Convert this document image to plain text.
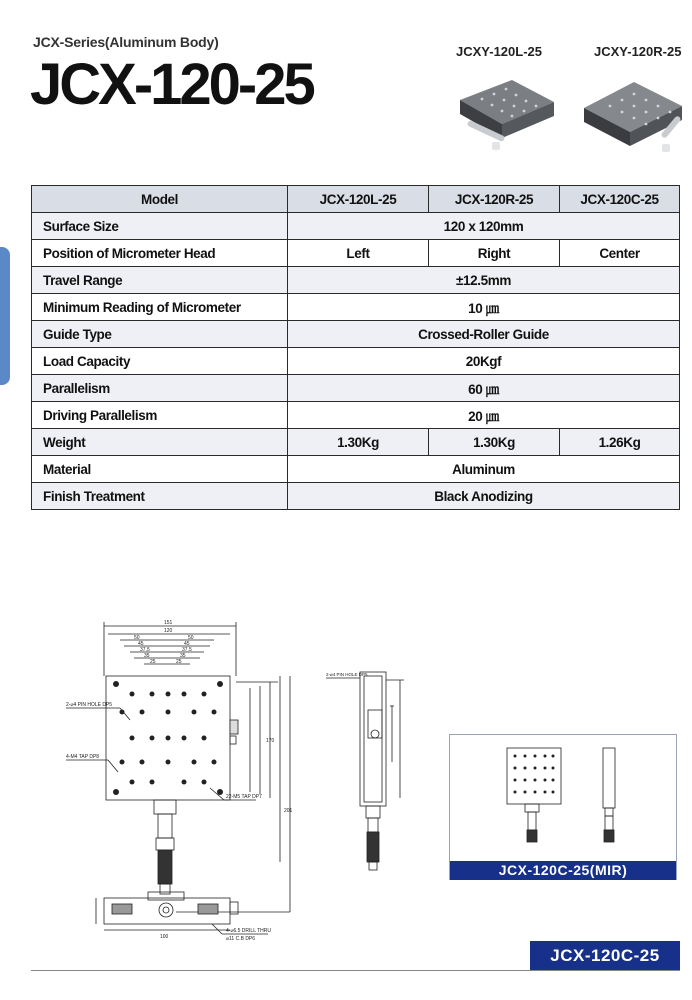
JCX-Series(Aluminum Body)
JCX-120-25
JCXY-120L-25	JCXY-120R-25
Model	JCX-120L-25	JCX-120R-25	JCX-120C-25
Surface Size	120 x 120mm		
Position of Micrometer Head	Left	Right	Center
Travel Range	±12.5mm		
Minimum Reading of Micrometer	10 ㎛		
Guide Type	Crossed-Roller Guide		
Load Capacity	20Kgf		
Parallelism	60 ㎛		
Driving Parallelism	20 ㎛		
Weight	1.30Kg	1.30Kg	1.26Kg
Material	Aluminum		
Finish Treatment	Black Anodizing		
151
120
50	50
45	45
37.5	37.5
35	35
25	25
170
201
2-⌀4 PIN HOLE DP5
4-M4 TAP DP8
22-M5 TAP DP7
2-⌀4 PIN HOLE DP5
100
4-⌀6.5 DRILL THRU
⌀11 C.B DP6
JCX-120C-25(MIR)
JCX-120C-25
